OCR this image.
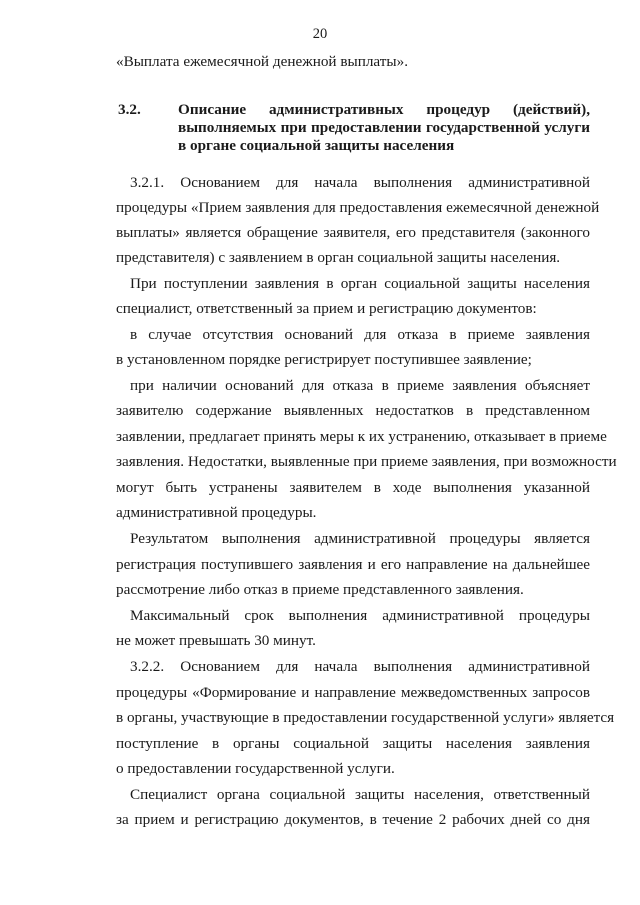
20
«Выплата ежемесячной денежной выплаты».
3.2. Описание административных процедур (действий),
выполняемых при предоставлении государственной услуги
в органе социальной защиты населения
3.2.1. Основанием для начала выполнения административной
процедуры «Прием заявления для предоставления ежемесячной денежной
выплаты» является обращение заявителя, его представителя (законного
представителя) с заявлением в орган социальной защиты населения.
При поступлении заявления в орган социальной защиты населения
специалист, ответственный за прием и регистрацию документов:
в случае отсутствия оснований для отказа в приеме заявления
в установленном порядке регистрирует поступившее заявление;
при наличии оснований для отказа в приеме заявления объясняет
заявителю содержание выявленных недостатков в представленном
заявлении, предлагает принять меры к их устранению, отказывает в приеме
заявления. Недостатки, выявленные при приеме заявления, при возможности
могут быть устранены заявителем в ходе выполнения указанной
административной процедуры.
Результатом выполнения административной процедуры является
регистрация поступившего заявления и его направление на дальнейшее
рассмотрение либо отказ в приеме представленного заявления.
Максимальный срок выполнения административной процедуры
не может превышать 30 минут.
3.2.2. Основанием для начала выполнения административной
процедуры «Формирование и направление межведомственных запросов
в органы, участвующие в предоставлении государственной услуги» является
поступление в органы социальной защиты населения заявления
о предоставлении государственной услуги.
Специалист органа социальной защиты населения, ответственный
за прием и регистрацию документов, в течение 2 рабочих дней со дня
